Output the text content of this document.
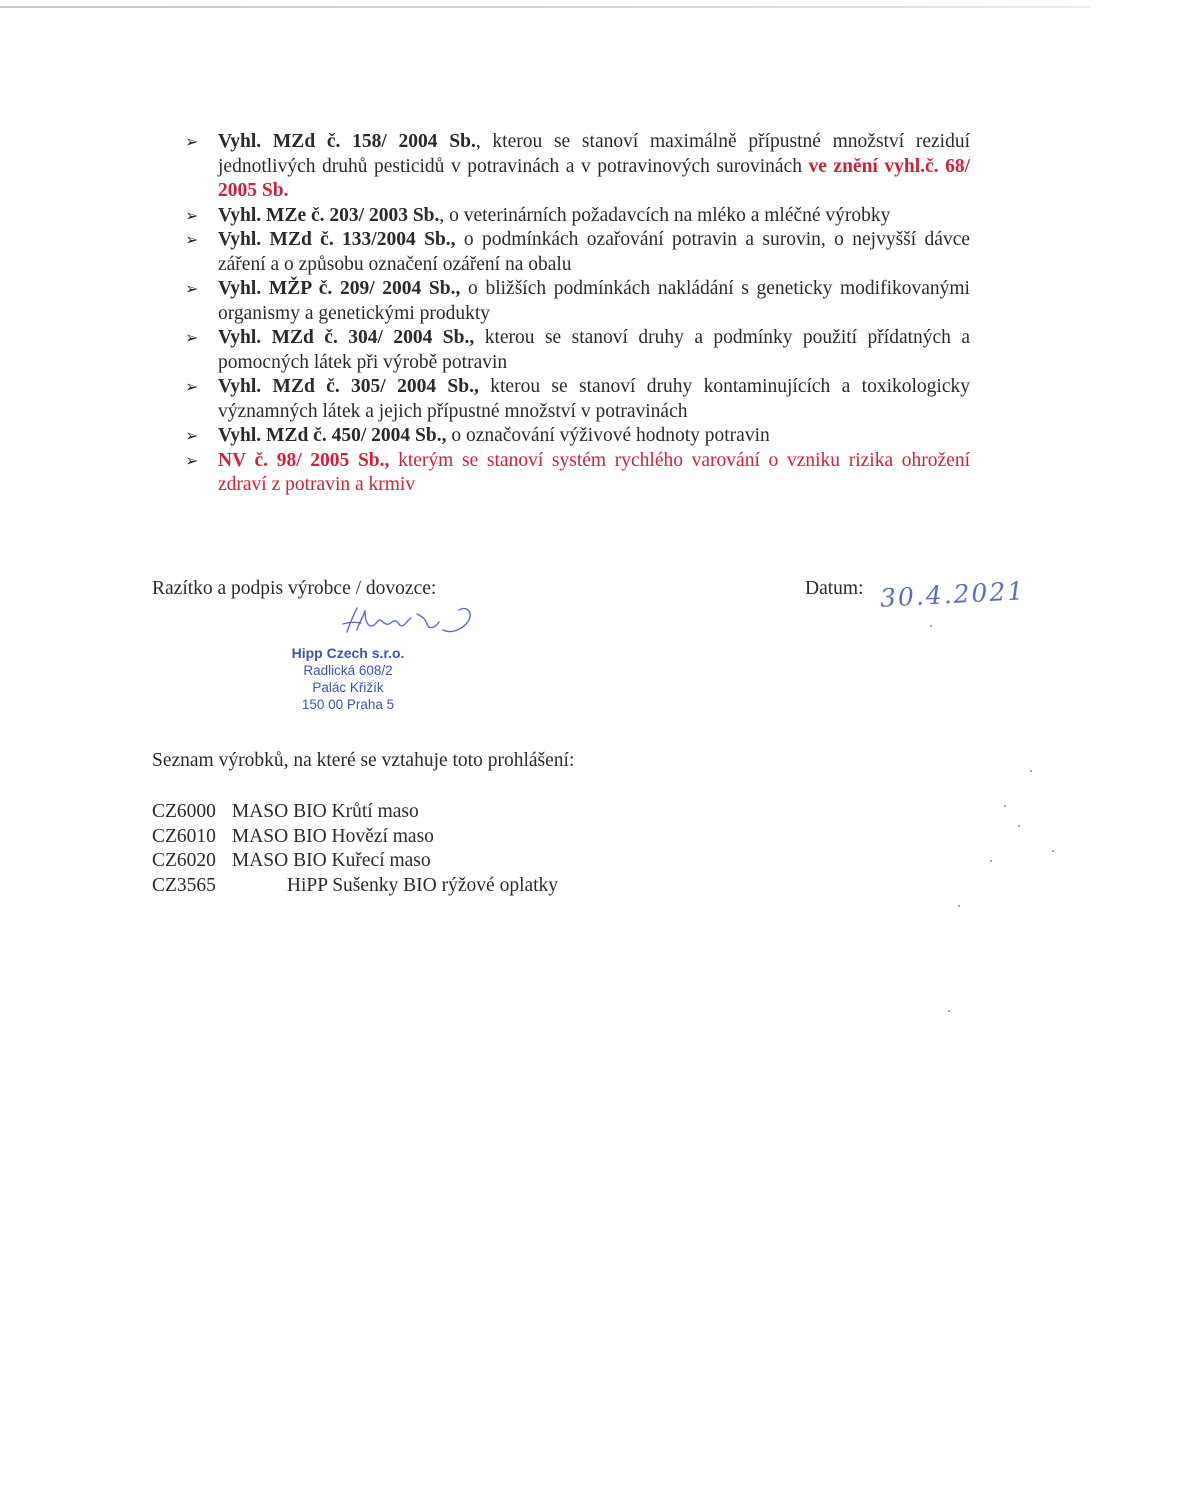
➢ Vyhl. MZd č. 158/ 2004 Sb., kterou se stanoví maximálně přípustné množství reziduí jednotlivých druhů pesticidů v potravinách a v potravinových surovinách ve znění vyhl.č. 68/ 2005 Sb.
➢ Vyhl. MZe č. 203/ 2003 Sb., o veterinárních požadavcích na mléko a mléčné výrobky
➢ Vyhl. MZd č. 133/2004 Sb., o podmínkách ozařování potravin a surovin, o nejvyšší dávce záření a o způsobu označení ozáření na obalu
➢ Vyhl. MŽP č. 209/ 2004 Sb., o bližších podmínkách nakládání s geneticky modifikovanými organismy a genetickými produkty
➢ Vyhl. MZd č. 304/ 2004 Sb., kterou se stanoví druhy a podmínky použití přídatných a pomocných látek při výrobě potravin
➢ Vyhl. MZd č. 305/ 2004 Sb., kterou se stanoví druhy kontaminujících a toxikologicky významných látek a jejich přípustné množství v potravinách
➢ Vyhl. MZd č. 450/ 2004 Sb., o označování výživové hodnoty potravin
➢ NV č. 98/ 2005 Sb., kterým se stanoví systém rychlého varování o vzniku rizika ohrožení zdraví z potravin a krmiv
Razítko a podpis výrobce / dovozce:	Datum: 30.4.2021
Hipp Czech s.r.o.
Radlická 608/2
Palác Křižík
150 00 Praha 5
Seznam výrobků, na které se vztahuje toto prohlášení:
CZ6000 MASO BIO Krůtí maso
CZ6010 MASO BIO Hovězí maso
CZ6020 MASO BIO Kuřecí maso
CZ3565	HiPP Sušenky BIO rýžové oplatky
